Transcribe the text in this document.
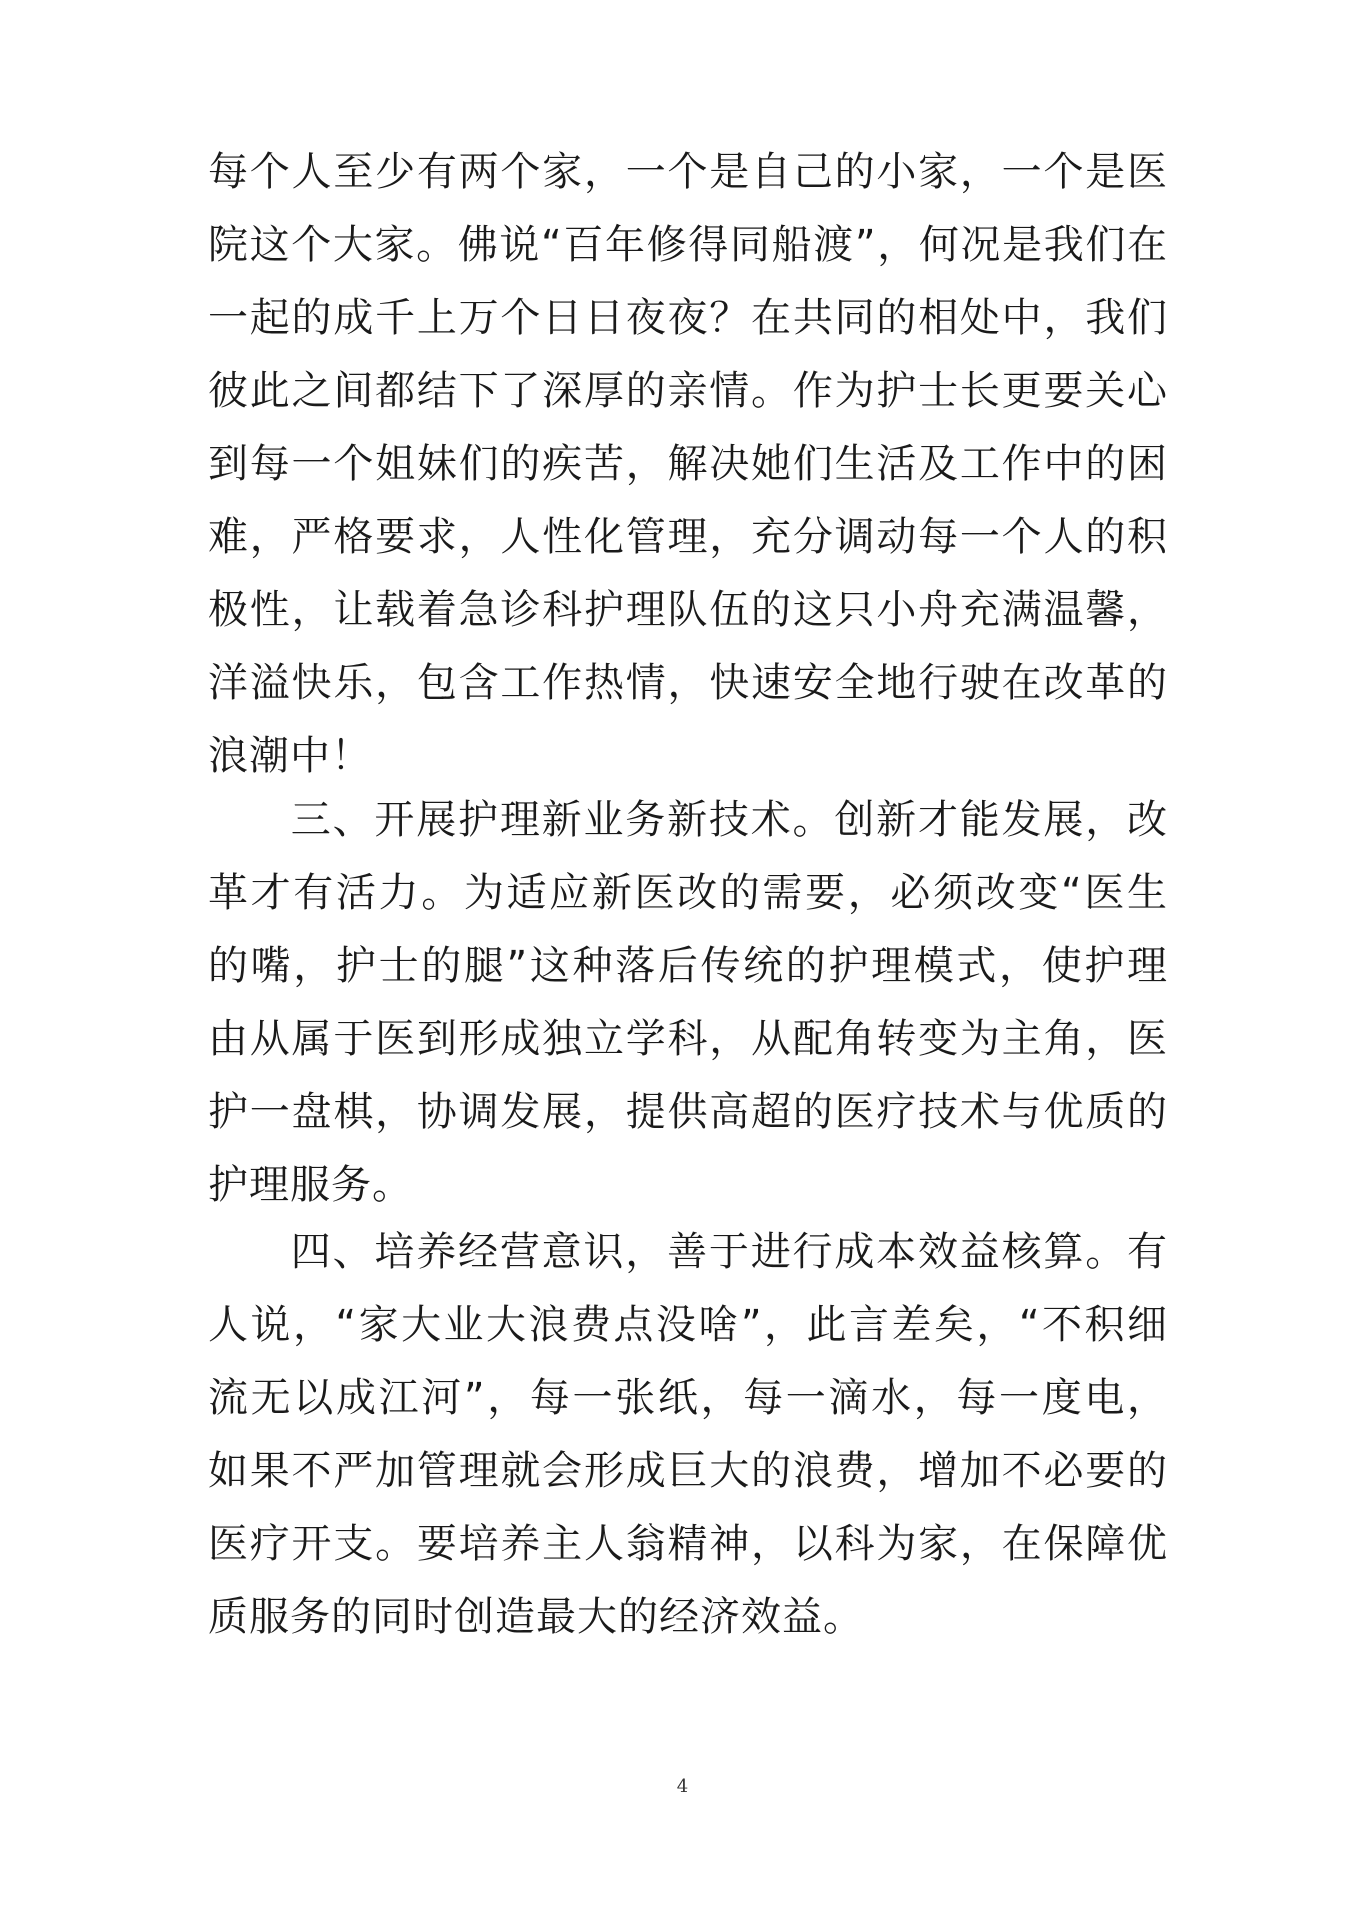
每个人至少有两个家，一个是自己的小家，一个是医院这个大家。佛说“百年修得同船渡”，何况是我们在一起的成千上万个日日夜夜？在共同的相处中，我们彼此之间都结下了深厚的亲情。作为护士长更要关心到每一个姐妹们的疾苦，解决她们生活及工作中的困难，严格要求，人性化管理，充分调动每一个人的积极性，让载着急诊科护理队伍的这只小舟充满温馨，洋溢快乐，包含工作热情，快速安全地行驶在改革的浪潮中！

三、开展护理新业务新技术。创新才能发展，改革才有活力。为适应新医改的需要，必须改变“医生的嘴，护士的腿”这种落后传统的护理模式，使护理由从属于医到形成独立学科，从配角转变为主角，医护一盘棋，协调发展，提供高超的医疗技术与优质的护理服务。

四、培养经营意识，善于进行成本效益核算。有人说，“家大业大浪费点没啥”，此言差矣，“不积细流无以成江河”，每一张纸，每一滴水，每一度电，如果不严加管理就会形成巨大的浪费，增加不必要的医疗开支。要培养主人翁精神，以科为家，在保障优质服务的同时创造最大的经济效益。

4
